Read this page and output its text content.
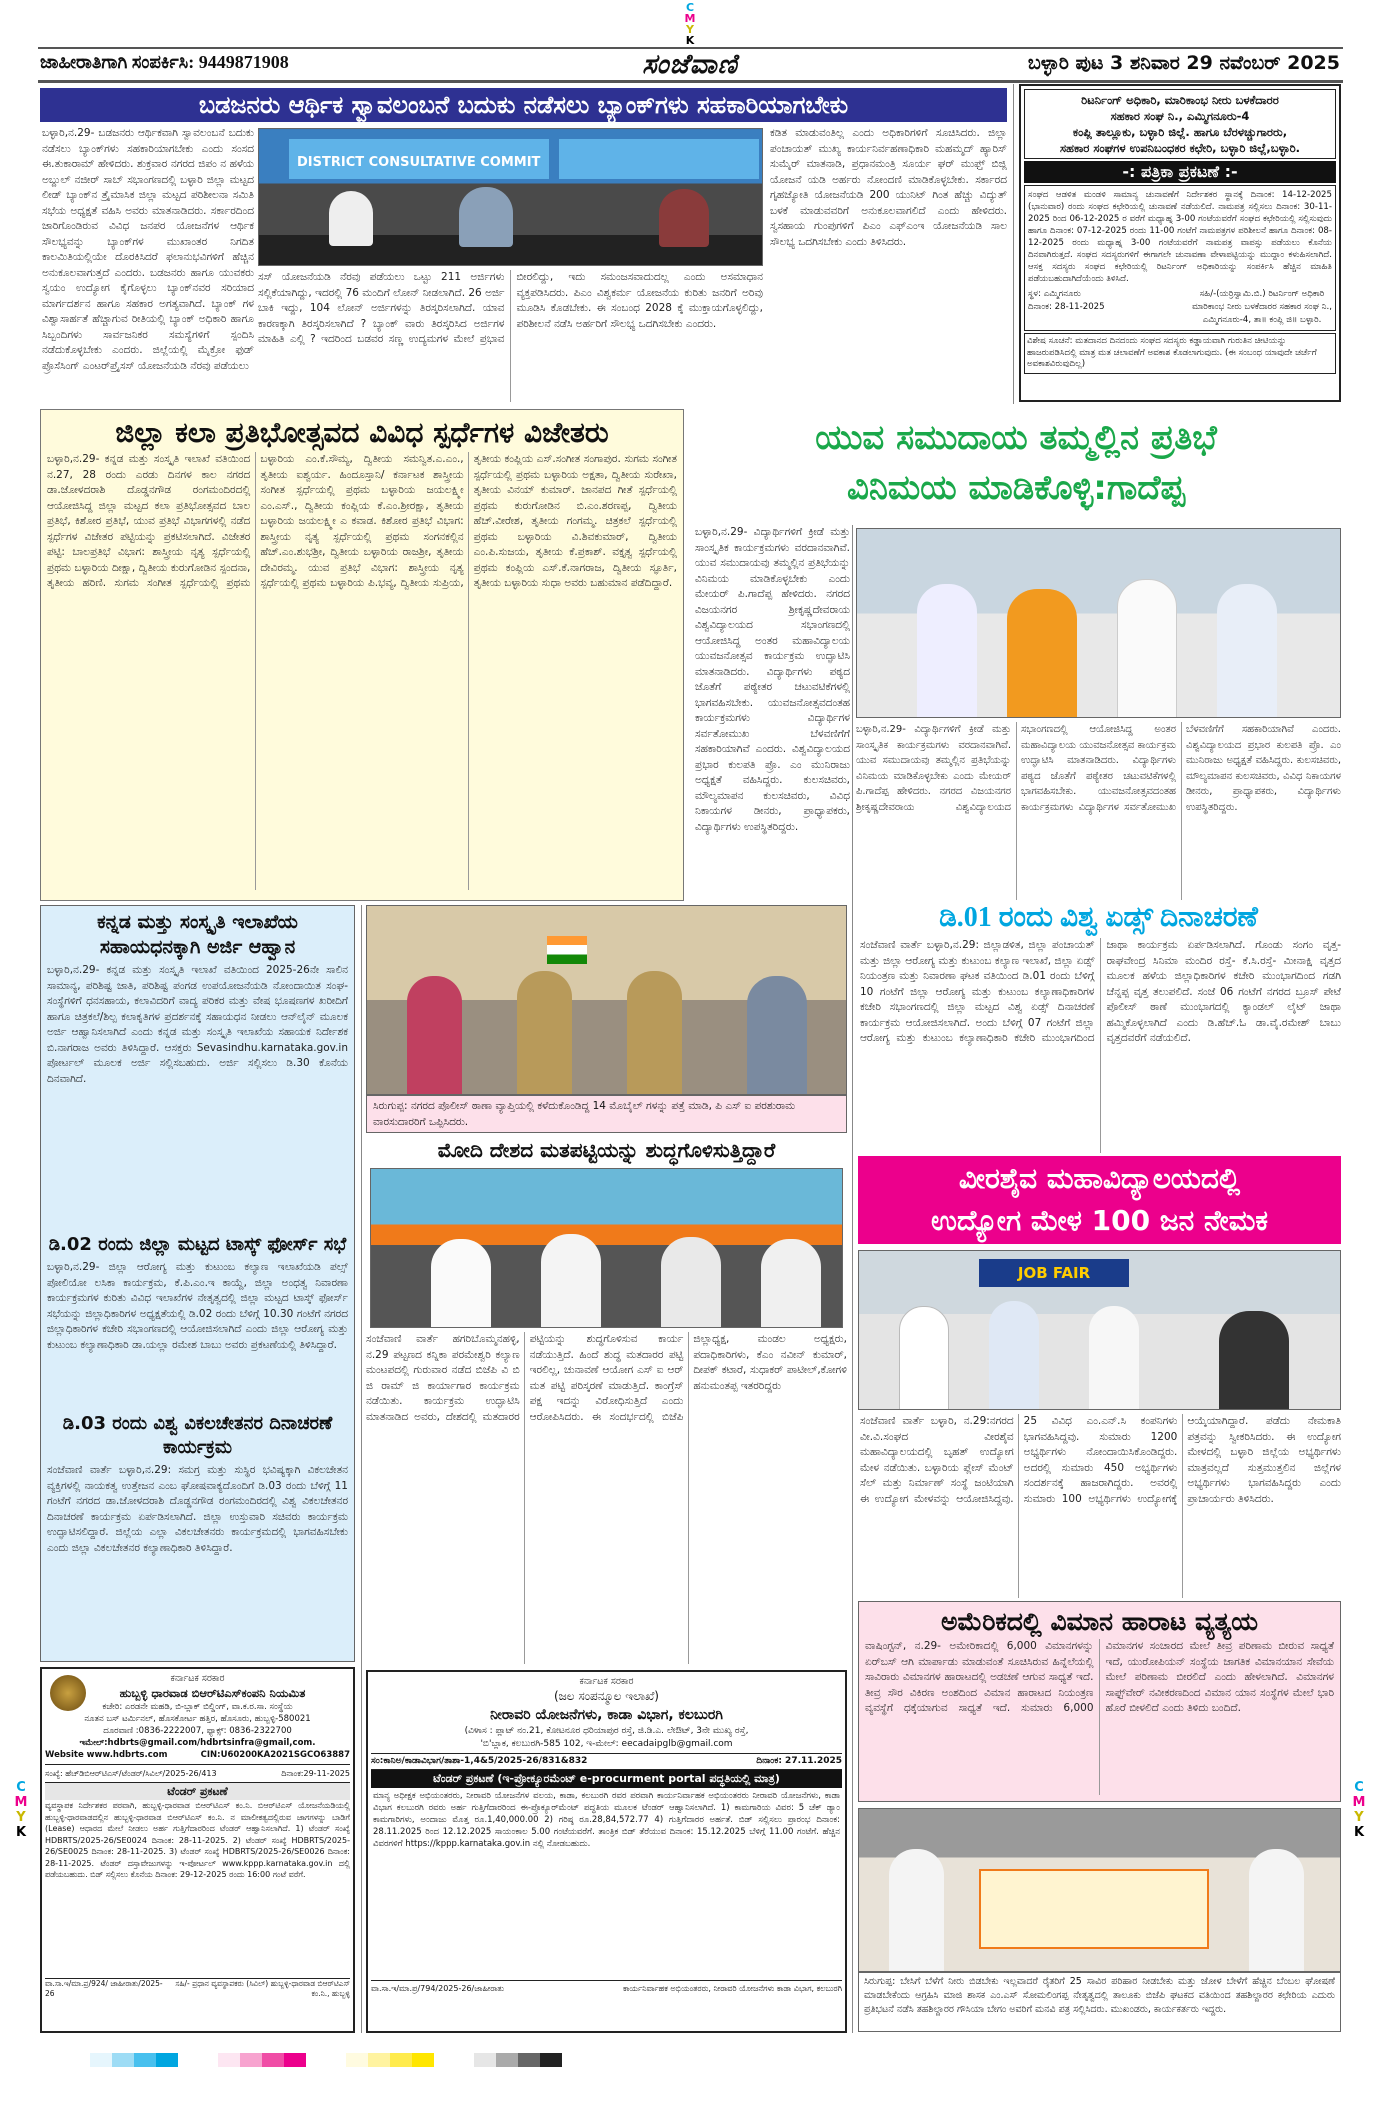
C
M
Y
K
C
M
Y
K
C
M
Y
K
ಜಾಹೀರಾತಿಗಾಗಿ ಸಂಪರ್ಕಿಸಿ: 9449871908	ಸಂಜೆವಾಣಿ	ಬಳ್ಳಾರಿ ಪುಟ 3 ಶನಿವಾರ 29 ನವೆಂಬರ್ 2025
ಬಡಜನರು ಆರ್ಥಿಕ ಸ್ವಾವಲಂಬನೆ ಬದುಕು ನಡೆಸಲು ಬ್ಯಾಂಕ್‌ಗಳು ಸಹಕಾರಿಯಾಗಬೇಕು
ಬಳ್ಳಾರಿ,ನ.29- ಬಡಜನರು ಆರ್ಥಿಕವಾಗಿ ಸ್ವಾವಲಂಬನೆ ಬದುಕು ನಡೆಸಲು ಬ್ಯಾಂಕ್‌ಗಳು ಸಹಕಾರಿಯಾಗಬೇಕು ಎಂದು ಸಂಸದ ಈ.ತುಕಾರಾಮ್ ಹೇಳಿದರು. ಶುಕ್ರವಾರ ನಗರದ ಜಿಪಂ ನ ಹಳೆಯ ಅಬ್ದುಲ್ ನಜೀರ್ ಸಾಬ್ ಸಭಾಂಗಣದಲ್ಲಿ ಬಳ್ಳಾರಿ ಜಿಲ್ಲಾ ಮಟ್ಟದ ಲೀಡ್ ಬ್ಯಾಂಕ್‌ನ ತ್ರೈಮಾಸಿಕ ಜಿಲ್ಲಾ ಮಟ್ಟದ ಪರಿಶೀಲನಾ ಸಮಿತಿ ಸಭೆಯ ಅಧ್ಯಕ್ಷತೆ ವಹಿಸಿ ಅವರು ಮಾತನಾಡಿದರು. ಸರ್ಕಾರದಿಂದ ಜಾರಿಗೊಂಡಿರುವ ವಿವಿಧ ಜನಪರ ಯೋಜನೆಗಳ ಆರ್ಥಿಕ ಸೌಲಭ್ಯವನ್ನು ಬ್ಯಾಂಕ್‌ಗಳ ಮುಖಾಂತರ ನಿಗದಿತ ಕಾಲಮಿತಿಯಲ್ಲಿಯೇ ದೊರಕಿಸಿದರೆ ಫಲಾನುಭವಿಗಳಿಗೆ ಹೆಚ್ಚಿನ ಅನುಕೂಲವಾಗುತ್ತದೆ ಎಂದರು. ಬಡಜನರು ಹಾಗೂ ಯುವಕರು ಸ್ವಯಂ ಉದ್ಯೋಗ ಕೈಗೊಳ್ಳಲು ಬ್ಯಾಂಕ್‌ನವರ ಸರಿಯಾದ ಮಾರ್ಗದರ್ಶನ ಹಾಗೂ ಸಹಕಾರ ಅಗತ್ಯವಾಗಿದೆ. ಬ್ಯಾಂಕ್ ಗಳ ವಿಶ್ವಾಸಾರ್ಹತೆ ಹೆಚ್ಚಾಗುವ ರೀತಿಯಲ್ಲಿ ಬ್ಯಾಂಕ್ ಅಧಿಕಾರಿ ಹಾಗೂ ಸಿಬ್ಬಂದಿಗಳು ಸಾರ್ವಜನಿಕರ ಸಮಸ್ಯೆಗಳಿಗೆ ಸ್ಪಂದಿಸಿ ನಡೆದುಕೊಳ್ಳಬೇಕು ಎಂದರು. ಜಿಲ್ಲೆಯಲ್ಲಿ ಮೈಕ್ರೋ ಫುಡ್ ಪ್ರೊಸೆಸಿಂಗ್ ಎಂಟರ್‌ಪ್ರೈಸಸ್ ಯೋಜನೆಯಡಿ ನೆರವು ಪಡೆಯಲು
DISTRICT CONSULTATIVE COMMIT
ಸಸ್ ಯೋಜನೆಯಡಿ ನೆರವು ಪಡೆಯಲು ಒಟ್ಟು 211 ಅರ್ಜಿಗಳು ಸಲ್ಲಿಕೆಯಾಗಿದ್ದು, ಇದರಲ್ಲಿ 76 ಮಂದಿಗೆ ಲೋನ್ ನೀಡಲಾಗಿದೆ. 26 ಅರ್ಜಿ ಬಾಕಿ ಇದ್ದು, 104 ಲೋನ್ ಅರ್ಜಿಗಳನ್ನು ತಿರಸ್ಕರಿಸಲಾಗಿದೆ. ಯಾವ ಕಾರಣಕ್ಕಾಗಿ ತಿರಸ್ಕರಿಸಲಾಗಿದೆ ? ಬ್ಯಾಂಕ್ ವಾರು ತಿರಸ್ಕರಿಸಿದ ಅರ್ಜಿಗಳ ಮಾಹಿತಿ ಎಲ್ಲಿ ? ಇದರಿಂದ ಬಡವರ ಸಣ್ಣ ಉದ್ಯಮಗಳ ಮೇಲೆ ಪ್ರಭಾವ ಬೀರಲಿದ್ದು, ಇದು ಸಮಂಜಸವಾದುದಲ್ಲ ಎಂದು ಅಸಮಾಧಾನ ವ್ಯಕ್ತಪಡಿಸಿದರು. ಪಿಎಂ ವಿಶ್ವಕರ್ಮ ಯೋಜನೆಯ ಕುರಿತು ಜನರಿಗೆ ಅರಿವು ಮೂಡಿಸಿ ಕೊಡಬೇಕು. ಈ ಸಂಬಂಧ 2028 ಕ್ಕೆ ಮುಕ್ತಾಯಗೊಳ್ಳಲಿದ್ದು, ಪರಿಶೀಲನೆ ನಡೆಸಿ ಅರ್ಹರಿಗೆ ಸೌಲಭ್ಯ ಒದಗಿಸಬೇಕು ಎಂದರು.
ಕಡಿತ ಮಾಡುವಂತಿಲ್ಲ ಎಂದು ಅಧಿಕಾರಿಗಳಿಗೆ ಸೂಚಿಸಿದರು. ಜಿಲ್ಲಾ ಪಂಚಾಯತ್ ಮುಖ್ಯ ಕಾರ್ಯನಿರ್ವಹಣಾಧಿಕಾರಿ ಮಹಮ್ಮದ್ ಹ್ಯಾರಿಸ್ ಸುಮೈರ್ ಮಾತನಾಡಿ, ಪ್ರಧಾನಮಂತ್ರಿ ಸೂರ್ಯ ಘರ್ ಮುಫ್ತ್ ಬಿಜ್ಲಿ ಯೋಜನೆ ಯಡಿ ಅರ್ಹರು ನೋಂದಣಿ ಮಾಡಿಕೊಳ್ಳಬೇಕು. ಸರ್ಕಾರದ ಗೃಹಜ್ಯೋತಿ ಯೋಜನೆಯಡಿ 200 ಯುನಿಟ್ ಗಿಂತ ಹೆಚ್ಚು ವಿದ್ಯುತ್ ಬಳಕೆ ಮಾಡುವವರಿಗೆ ಅನುಕೂಲವಾಗಲಿದೆ ಎಂದು ಹೇಳಿದರು. ಸ್ವಸಹಾಯ ಗುಂಪುಗಳಿಗೆ ಪಿಎಂ ಎಫ್‌ಎಂಇ ಯೋಜನೆಯಡಿ ಸಾಲ ಸೌಲಭ್ಯ ಒದಗಿಸಬೇಕು ಎಂದು ತಿಳಿಸಿದರು.
ರಿಟರ್ನಿಂಗ್ ಅಧಿಕಾರಿ, ಮಾರಿಕಾಂಭ ನೀರು ಬಳಕೆದಾರರ
ಸಹಕಾರ ಸಂಘ ನಿ., ಎಮ್ಮಿಗನೂರು-4
ಕಂಪ್ಲಿ ತಾಲ್ಲೂಕು, ಬಳ್ಳಾರಿ ಜಿಲ್ಲೆ. ಹಾಗೂ ಬೆರಳಚ್ಚುಗಾರರು,
ಸಹಕಾರ ಸಂಘಗಳ ಉಪನಿಬಂಧಕರ ಕಛೇರಿ, ಬಳ್ಳಾರಿ ಜಿಲ್ಲೆ,ಬಳ್ಳಾರಿ.
-: ಪತ್ರಿಕಾ ಪ್ರಕಟಣೆ :-
ಸಂಘದ ಆಡಳಿತ ಮಂಡಳಿ ಸಾಮಾನ್ಯ ಚುನಾವಣೆಗೆ ನಿರ್ದೇಶಕರ ಸ್ಥಾನಕ್ಕೆ ದಿನಾಂಕ: 14-12-2025 (ಭಾನುವಾರ) ರಂದು ಸಂಘದ ಕಛೇರಿಯಲ್ಲಿ ಚುನಾವಣೆ ನಡೆಯಲಿದೆ. ನಾಮಪತ್ರ ಸಲ್ಲಿಸಲು ದಿನಾಂಕ: 30-11-2025 ರಿಂದ 06-12-2025 ರ ವರೆಗೆ ಮಧ್ಯಾಹ್ನ 3-00 ಗಂಟೆಯವರೆಗೆ ಸಂಘದ ಕಛೇರಿಯಲ್ಲಿ ಸಲ್ಲಿಸುವುದು ಹಾಗೂ ದಿನಾಂಕ: 07-12-2025 ರಂದು 11-00 ಗಂಟೆಗೆ ನಾಮಪತ್ರಗಳ ಪರಿಶೀಲನೆ ಹಾಗೂ ದಿನಾಂಕ: 08-12-2025 ರಂದು ಮಧ್ಯಾಹ್ನ 3-00 ಗಂಟೆಯವರೆಗೆ ನಾಮಪತ್ರ ವಾಪಸ್ಸು ಪಡೆಯಲು ಕೊನೆಯ ದಿನವಾಗಿರುತ್ತದೆ. ಸಂಘದ ಸದಸ್ಯರುಗಳಿಗೆ ಈಗಾಗಲೇ ಚುನಾವಣಾ ವೇಳಾಪಟ್ಟಿಯನ್ನು ಮುದ್ದಾಂ ಕಳುಹಿಸಲಾಗಿದೆ. ಆಸಕ್ತ ಸದಸ್ಯರು ಸಂಘದ ಕಛೇರಿಯಲ್ಲಿ ರಿಟರ್ನಿಂಗ್ ಅಧಿಕಾರಿಯನ್ನು ಸಂಪರ್ಕಿಸಿ ಹೆಚ್ಚಿನ ಮಾಹಿತಿ ಪಡೆಯಬಹುದಾಗಿದೆಯೆಂದು ತಿಳಿಸಿದೆ.
ಸ್ಥಳ: ಎಮ್ಮಿಗನೂರು
ದಿನಾಂಕ: 28-11-2025
ಸಹಿ/-(ಯರ್ರಿಸ್ವಾಮಿ.ಬಿ.) ರಿಟರ್ನಿಂಗ್ ಅಧಿಕಾರಿ
ಮಾರಿಕಾಂಭ ನೀರು ಬಳಕೆದಾರರ ಸಹಕಾರ ಸಂಘ ನಿ.,
ಎಮ್ಮಿಗನೂರು-4, ತಾ॥ ಕಂಪ್ಲಿ ಜಿ॥ ಬಳ್ಳಾರಿ.
ವಿಶೇಷ ಸೂಚನೆ: ಮತದಾನದ ದಿನದಂದು ಸಂಘದ ಸದಸ್ಯರು ಕಡ್ಡಾಯವಾಗಿ ಗುರುತಿನ ಚೀಟಿಯನ್ನು ಹಾಜರುಪಡಿಸಿದಲ್ಲಿ ಮಾತ್ರ ಮತ ಚಲಾವಣೆಗೆ ಅವಕಾಶ ಕೊಡಲಾಗುವುದು. (ಈ ಸಂಬಂಧ ಯಾವುದೇ ಚರ್ಚೆಗೆ ಅವಕಾಶವಿರುವುದಿಲ್ಲ)
ಜಿಲ್ಲಾ ಕಲಾ ಪ್ರತಿಭೋತ್ಸವದ ವಿವಿಧ ಸ್ಪರ್ಧೆಗಳ ವಿಜೇತರು
ಬಳ್ಳಾರಿ,ನ.29- ಕನ್ನಡ ಮತ್ತು ಸಂಸ್ಕೃತಿ ಇಲಾಖೆ ವತಿಯಿಂದ ನ.27, 28 ರಂದು ಎರಡು ದಿನಗಳ ಕಾಲ ನಗರದ ಡಾ.ಜೋಳದರಾಶಿ ದೊಡ್ಡನಗೌಡ ರಂಗಮಂದಿರದಲ್ಲಿ ಆಯೋಜಿಸಿದ್ದ ಜಿಲ್ಲಾ ಮಟ್ಟದ ಕಲಾ ಪ್ರತಿಭೋತ್ಸವದ ಬಾಲ ಪ್ರತಿಭೆ, ಕಿಶೋರ ಪ್ರತಿಭೆ, ಯುವ ಪ್ರತಿಭೆ ವಿಭಾಗಗಳಲ್ಲಿ ನಡೆದ ಸ್ಪರ್ಧೆಗಳ ವಿಜೇತರ ಪಟ್ಟಿಯನ್ನು ಪ್ರಕಟಿಸಲಾಗಿದೆ. ವಿಜೇತರ ಪಟ್ಟಿ: ಬಾಲಪ್ರತಿಭೆ ವಿಭಾಗ: ಶಾಸ್ತ್ರೀಯ ನೃತ್ಯ ಸ್ಪರ್ಧೆಯಲ್ಲಿ ಪ್ರಥಮ ಬಳ್ಳಾರಿಯ ದೀಕ್ಷಾ, ದ್ವಿತೀಯ ಕುರುಗೋಡಿನ ಸ್ಪಂದನಾ, ತೃತೀಯ ಹರಿಣಿ. ಸುಗಮ ಸಂಗೀತ ಸ್ಪರ್ಧೆಯಲ್ಲಿ ಪ್ರಥಮ ಬಳ್ಳಾರಿಯ ಎಂ.ಕೆ.ಸೌಮ್ಯ, ದ್ವಿತೀಯ ಸಮನ್ವಿತ.ಎ.ಎಂ., ತೃತೀಯ ಐಶ್ವರ್ಯ. ಹಿಂದೂಸ್ತಾನಿ/ ಕರ್ನಾಟಕ ಶಾಸ್ತ್ರೀಯ ಸಂಗೀತ ಸ್ಪರ್ಧೆಯಲ್ಲಿ ಪ್ರಥಮ ಬಳ್ಳಾರಿಯ ಜಯಲಕ್ಷ್ಮೀ ಎಂ.ಎಸ್., ದ್ವಿತೀಯ ಕಂಪ್ಲಿಯ ಕೆ.ಎಂ.ಶ್ರೀರಕ್ಷಾ, ತೃತೀಯ ಬಳ್ಳಾರಿಯ ಜಯಲಕ್ಷ್ಮೀ ಎ ಕವಾಡ. ಕಿಶೋರ ಪ್ರತಿಭೆ ವಿಭಾಗ: ಶಾಸ್ತ್ರೀಯ ನೃತ್ಯ ಸ್ಪರ್ಧೆಯಲ್ಲಿ ಪ್ರಥಮ ಸಂಗನಕಲ್ಲಿನ ಹೆಚ್.ಎಂ.ಶುಭಶ್ರೀ, ದ್ವಿತೀಯ ಬಳ್ಳಾರಿಯ ರಾಜಶ್ರೀ, ತೃತೀಯ ದೇವಿರಮ್ಮ. ಯುವ ಪ್ರತಿಭೆ ವಿಭಾಗ: ಶಾಸ್ತ್ರೀಯ ನೃತ್ಯ ಸ್ಪರ್ಧೆಯಲ್ಲಿ ಪ್ರಥಮ ಬಳ್ಳಾರಿಯ ಪಿ.ಭವ್ಯ, ದ್ವಿತೀಯ ಸುಪ್ರಿಯ, ತೃತೀಯ ಕಂಪ್ಲಿಯ ಎಸ್.ಸಂಗೀತ ಸಂಗಾಪುರ. ಸುಗಮ ಸಂಗೀತ ಸ್ಪರ್ಧೆಯಲ್ಲಿ ಪ್ರಥಮ ಬಳ್ಳಾರಿಯ ಅಕ್ಷತಾ, ದ್ವಿತೀಯ ಸುರೇಖಾ, ತೃತೀಯ ವಿನಯ್ ಕುಮಾರ್. ಜಾನಪದ ಗೀತೆ ಸ್ಪರ್ಧೆಯಲ್ಲಿ ಪ್ರಥಮ ಕುರುಗೋಡಿನ ಬಿ.ಎಂ.ಶರಣಪ್ಪ, ದ್ವಿತೀಯ ಹೆಚ್.ವೀರೇಶ, ತೃತೀಯ ಗಂಗಮ್ಮ. ಚಿತ್ರಕಲೆ ಸ್ಪರ್ಧೆಯಲ್ಲಿ ಪ್ರಥಮ ಬಳ್ಳಾರಿಯ ವಿ.ಶಿವಕುಮಾರ್, ದ್ವಿತೀಯ ಎಂ.ಪಿ.ಸುಜಯ, ತೃತೀಯ ಕೆ.ಪ್ರಕಾಶ್. ವಕ್ತೃತ್ವ ಸ್ಪರ್ಧೆಯಲ್ಲಿ ಪ್ರಥಮ ಕಂಪ್ಲಿಯ ಎಸ್.ಕೆ.ನಾಗರಾಜ, ದ್ವಿತೀಯ ಸ್ಫೂರ್ತಿ, ತೃತೀಯ ಬಳ್ಳಾರಿಯ ಸುಧಾ ಅವರು ಬಹುಮಾನ ಪಡೆದಿದ್ದಾರೆ.
ಯುವ ಸಮುದಾಯ ತಮ್ಮಲ್ಲಿನ ಪ್ರತಿಭೆ
ವಿನಿಮಯ ಮಾಡಿಕೊಳ್ಳಿ:ಗಾದೆಪ್ಪ
ಬಳ್ಳಾರಿ,ನ.29- ವಿದ್ಯಾರ್ಥಿಗಳಿಗೆ ಕ್ರೀಡೆ ಮತ್ತು ಸಾಂಸ್ಕೃತಿಕ ಕಾರ್ಯಕ್ರಮಗಳು ವರದಾನವಾಗಿವೆ. ಯುವ ಸಮುದಾಯವು ತಮ್ಮಲ್ಲಿನ ಪ್ರತಿಭೆಯನ್ನು ವಿನಿಮಯ ಮಾಡಿಕೊಳ್ಳಬೇಕು ಎಂದು ಮೇಯರ್ ಪಿ.ಗಾದೆಪ್ಪ ಹೇಳಿದರು. ನಗರದ ವಿಜಯನಗರ ಶ್ರೀಕೃಷ್ಣದೇವರಾಯ ವಿಶ್ವವಿದ್ಯಾಲಯದ ಸಭಾಂಗಣದಲ್ಲಿ ಆಯೋಜಿಸಿದ್ದ ಅಂತರ ಮಹಾವಿದ್ಯಾಲಯ ಯುವಜನೋತ್ಸವ ಕಾರ್ಯಕ್ರಮ ಉದ್ಘಾಟಿಸಿ ಮಾತನಾಡಿದರು. ವಿದ್ಯಾರ್ಥಿಗಳು ಪಠ್ಯದ ಜೊತೆಗೆ ಪಠ್ಯೇತರ ಚಟುವಟಿಕೆಗಳಲ್ಲಿ ಭಾಗವಹಿಸಬೇಕು. ಯುವಜನೋತ್ಸವದಂತಹ ಕಾರ್ಯಕ್ರಮಗಳು ವಿದ್ಯಾರ್ಥಿಗಳ ಸರ್ವತೋಮುಖ ಬೆಳವಣಿಗೆಗೆ ಸಹಕಾರಿಯಾಗಿವೆ ಎಂದರು. ವಿಶ್ವವಿದ್ಯಾಲಯದ ಪ್ರಭಾರ ಕುಲಪತಿ ಪ್ರೊ. ಎಂ ಮುನಿರಾಜು ಅಧ್ಯಕ್ಷತೆ ವಹಿಸಿದ್ದರು. ಕುಲಸಚಿವರು, ಮೌಲ್ಯಮಾಪನ ಕುಲಸಚಿವರು, ವಿವಿಧ ನಿಕಾಯಗಳ ಡೀನರು, ಪ್ರಾಧ್ಯಾಪಕರು, ವಿದ್ಯಾರ್ಥಿಗಳು ಉಪಸ್ಥಿತರಿದ್ದರು.
ಬಳ್ಳಾರಿ,ನ.29- ವಿದ್ಯಾರ್ಥಿಗಳಿಗೆ ಕ್ರೀಡೆ ಮತ್ತು ಸಾಂಸ್ಕೃತಿಕ ಕಾರ್ಯಕ್ರಮಗಳು ವರದಾನವಾಗಿವೆ. ಯುವ ಸಮುದಾಯವು ತಮ್ಮಲ್ಲಿನ ಪ್ರತಿಭೆಯನ್ನು ವಿನಿಮಯ ಮಾಡಿಕೊಳ್ಳಬೇಕು ಎಂದು ಮೇಯರ್ ಪಿ.ಗಾದೆಪ್ಪ ಹೇಳಿದರು. ನಗರದ ವಿಜಯನಗರ ಶ್ರೀಕೃಷ್ಣದೇವರಾಯ ವಿಶ್ವವಿದ್ಯಾಲಯದ ಸಭಾಂಗಣದಲ್ಲಿ ಆಯೋಜಿಸಿದ್ದ ಅಂತರ ಮಹಾವಿದ್ಯಾಲಯ ಯುವಜನೋತ್ಸವ ಕಾರ್ಯಕ್ರಮ ಉದ್ಘಾಟಿಸಿ ಮಾತನಾಡಿದರು. ವಿದ್ಯಾರ್ಥಿಗಳು ಪಠ್ಯದ ಜೊತೆಗೆ ಪಠ್ಯೇತರ ಚಟುವಟಿಕೆಗಳಲ್ಲಿ ಭಾಗವಹಿಸಬೇಕು. ಯುವಜನೋತ್ಸವದಂತಹ ಕಾರ್ಯಕ್ರಮಗಳು ವಿದ್ಯಾರ್ಥಿಗಳ ಸರ್ವತೋಮುಖ ಬೆಳವಣಿಗೆಗೆ ಸಹಕಾರಿಯಾಗಿವೆ ಎಂದರು. ವಿಶ್ವವಿದ್ಯಾಲಯದ ಪ್ರಭಾರ ಕುಲಪತಿ ಪ್ರೊ. ಎಂ ಮುನಿರಾಜು ಅಧ್ಯಕ್ಷತೆ ವಹಿಸಿದ್ದರು. ಕುಲಸಚಿವರು, ಮೌಲ್ಯಮಾಪನ ಕುಲಸಚಿವರು, ವಿವಿಧ ನಿಕಾಯಗಳ ಡೀನರು, ಪ್ರಾಧ್ಯಾಪಕರು, ವಿದ್ಯಾರ್ಥಿಗಳು ಉಪಸ್ಥಿತರಿದ್ದರು.
ಕನ್ನಡ ಮತ್ತು ಸಂಸ್ಕೃತಿ ಇಲಾಖೆಯ ಸಹಾಯಧನಕ್ಕಾಗಿ ಅರ್ಜಿ ಆಹ್ವಾನ
ಬಳ್ಳಾರಿ,ನ.29- ಕನ್ನಡ ಮತ್ತು ಸಂಸ್ಕೃತಿ ಇಲಾಖೆ ವತಿಯಿಂದ 2025-26ನೇ ಸಾಲಿನ ಸಾಮಾನ್ಯ, ಪರಿಶಿಷ್ಟ ಜಾತಿ, ಪರಿಶಿಷ್ಟ ಪಂಗಡ ಉಪಯೋಜನೆಯಡಿ ನೋಂದಾಯಿತ ಸಂಘ-ಸಂಸ್ಥೆಗಳಿಗೆ ಧನಸಹಾಯ, ಕಲಾವಿದರಿಗೆ ವಾದ್ಯ ಪರಿಕರ ಮತ್ತು ವೇಷ ಭೂಷಣಗಳ ಖರೀದಿಗೆ ಹಾಗೂ ಚಿತ್ರಕಲೆ/ಶಿಲ್ಪ ಕಲಾಕೃತಿಗಳ ಪ್ರದರ್ಶನಕ್ಕೆ ಸಹಾಯಧನ ನೀಡಲು ಆನ್‌ಲೈನ್ ಮೂಲಕ ಅರ್ಜಿ ಆಹ್ವಾನಿಸಲಾಗಿದೆ ಎಂದು ಕನ್ನಡ ಮತ್ತು ಸಂಸ್ಕೃತಿ ಇಲಾಖೆಯ ಸಹಾಯಕ ನಿರ್ದೇಶಕ ಬಿ.ನಾಗರಾಜ ಅವರು ತಿಳಿಸಿದ್ದಾರೆ. ಆಸಕ್ತರು Sevasindhu.karnataka.gov.in ಪೋರ್ಟಲ್ ಮೂಲಕ ಅರ್ಜಿ ಸಲ್ಲಿಸಬಹುದು. ಅರ್ಜಿ ಸಲ್ಲಿಸಲು ಡಿ.30 ಕೊನೆಯ ದಿನವಾಗಿದೆ.
ಡಿ.02 ರಂದು ಜಿಲ್ಲಾ ಮಟ್ಟದ ಟಾಸ್ಕ್ ಫೋರ್ಸ್ ಸಭೆ
ಬಳ್ಳಾರಿ,ನ.29- ಜಿಲ್ಲಾ ಆರೋಗ್ಯ ಮತ್ತು ಕುಟುಂಬ ಕಲ್ಯಾಣ ಇಲಾಖೆಯಡಿ ಪಲ್ಸ್ ಪೋಲಿಯೋ ಲಸಿಕಾ ಕಾರ್ಯಕ್ರಮ, ಕೆ.ಪಿ.ಎಂ.ಇ ಕಾಯ್ದೆ, ಜಿಲ್ಲಾ ಅಂಧತ್ವ ನಿವಾರಣಾ ಕಾರ್ಯಕ್ರಮಗಳ ಕುರಿತು ವಿವಿಧ ಇಲಾಖೆಗಳ ನೇತೃತ್ವದಲ್ಲಿ ಜಿಲ್ಲಾ ಮಟ್ಟದ ಟಾಸ್ಕ್ ಫೋರ್ಸ್ ಸಭೆಯನ್ನು ಜಿಲ್ಲಾಧಿಕಾರಿಗಳ ಅಧ್ಯಕ್ಷತೆಯಲ್ಲಿ ಡಿ.02 ರಂದು ಬೆಳಿಗ್ಗೆ 10.30 ಗಂಟೆಗೆ ನಗರದ ಜಿಲ್ಲಾಧಿಕಾರಿಗಳ ಕಚೇರಿ ಸಭಾಂಗಣದಲ್ಲಿ ಆಯೋಜಿಸಲಾಗಿದೆ ಎಂದು ಜಿಲ್ಲಾ ಆರೋಗ್ಯ ಮತ್ತು ಕುಟುಂಬ ಕಲ್ಯಾಣಾಧಿಕಾರಿ ಡಾ.ಯಲ್ಲಾ ರಮೇಶ ಬಾಬು ಅವರು ಪ್ರಕಟಣೆಯಲ್ಲಿ ತಿಳಿಸಿದ್ದಾರೆ.
ಡಿ.03 ರಂದು ವಿಶ್ವ ವಿಕಲಚೇತನರ ದಿನಾಚರಣೆ ಕಾರ್ಯಕ್ರಮ
ಸಂಜೆವಾಣಿ ವಾರ್ತೆ ಬಳ್ಳಾರಿ,ನ.29: ಸಮಗ್ರ ಮತ್ತು ಸುಸ್ಥಿರ ಭವಿಷ್ಯಕ್ಕಾಗಿ ವಿಕಲಚೇತನ ವ್ಯಕ್ತಿಗಳಲ್ಲಿ ನಾಯಕತ್ವ ಉತ್ತೇಜನ ಎಂಬ ಘೋಷವಾಕ್ಯದೊಂದಿಗೆ ಡಿ.03 ರಂದು ಬೆಳಿಗ್ಗೆ 11 ಗಂಟೆಗೆ ನಗರದ ಡಾ.ಜೋಳದರಾಶಿ ದೊಡ್ಡನಗೌಡ ರಂಗಮಂದಿರದಲ್ಲಿ ವಿಶ್ವ ವಿಕಲಚೇತನರ ದಿನಾಚರಣೆ ಕಾರ್ಯಕ್ರಮ ಏರ್ಪಡಿಸಲಾಗಿದೆ. ಜಿಲ್ಲಾ ಉಸ್ತುವಾರಿ ಸಚಿವರು ಕಾರ್ಯಕ್ರಮ ಉದ್ಘಾಟಿಸಲಿದ್ದಾರೆ. ಜಿಲ್ಲೆಯ ಎಲ್ಲಾ ವಿಕಲಚೇತನರು ಕಾರ್ಯಕ್ರಮದಲ್ಲಿ ಭಾಗವಹಿಸಬೇಕು ಎಂದು ಜಿಲ್ಲಾ ವಿಕಲಚೇತನರ ಕಲ್ಯಾಣಾಧಿಕಾರಿ ತಿಳಿಸಿದ್ದಾರೆ.
ಸಿರುಗುಪ್ಪ: ನಗರದ ಪೊಲೀಸ್ ಠಾಣಾ ವ್ಯಾಪ್ತಿಯಲ್ಲಿ ಕಳೆದುಕೊಂಡಿದ್ದ 14 ಮೊಬೈಲ್ ಗಳನ್ನು ಪತ್ತೆ ಮಾಡಿ, ಪಿ ಎಸ್ ಐ ಪರಶುರಾಮ ವಾರಸುದಾರರಿಗೆ ಒಪ್ಪಿಸಿದರು.
ಮೋದಿ ದೇಶದ ಮತಪಟ್ಟಿಯನ್ನು ಶುದ್ಧಗೊಳಿಸುತ್ತಿದ್ದಾರೆ
ಸಂಜೆವಾಣಿ ವಾರ್ತೆ ಹಗರಿಬೊಮ್ಮನಹಳ್ಳಿ, ನ.29 ಪಟ್ಟಣದ ಕನ್ನಿಕಾ ಪರಮೇಶ್ವರಿ ಕಲ್ಯಾಣ ಮಂಟಪದಲ್ಲಿ ಗುರುವಾರ ನಡೆದ ಬಿಜೆಪಿ ವಿ ಬಿ ಜಿ ರಾಮ್ ಜಿ ಕಾರ್ಯಾಗಾರ ಕಾರ್ಯಕ್ರಮ ನಡೆಯಿತು. ಕಾರ್ಯಕ್ರಮ ಉದ್ಘಾಟಿಸಿ ಮಾತನಾಡಿದ ಅವರು, ದೇಶದಲ್ಲಿ ಮತದಾರರ ಪಟ್ಟಿಯನ್ನು ಶುದ್ಧಗೊಳಿಸುವ ಕಾರ್ಯ ನಡೆಯುತ್ತಿದೆ. ಹಿಂದೆ ಶುದ್ಧ ಮತದಾರರ ಪಟ್ಟಿ ಇರಲಿಲ್ಲ, ಚುನಾವಣೆ ಆಯೋಗ ಎಸ್ ಐ ಆರ್ ಮತ ಪಟ್ಟಿ ಪರಿಸ್ಕರಣೆ ಮಾಡುತ್ತಿದೆ. ಕಾಂಗ್ರೆಸ್ ಪಕ್ಷ ಇದನ್ನು ವಿರೋಧಿಸುತ್ತಿದೆ ಎಂದು ಆರೋಪಿಸಿದರು. ಈ ಸಂದರ್ಭದಲ್ಲಿ ಬಿಜೆಪಿ ಜಿಲ್ಲಾಧ್ಯಕ್ಷ, ಮಂಡಲ ಅಧ್ಯಕ್ಷರು, ಪದಾಧಿಕಾರಿಗಳು, ಕೆಎಂ ನವೀನ್ ಕುಮಾರ್, ದೀಪಕ್ ಕಟಾರೆ, ಸುಧಾಕರ್ ಪಾಟೀಲ್,ಕೋಗಳಿ ಹನುಮಂತಪ್ಪ ಇತರರಿದ್ದರು
ಡಿ.01 ರಂದು ವಿಶ್ವ ಏಡ್ಸ್ ದಿನಾಚರಣೆ
ಸಂಜೆವಾಣಿ ವಾರ್ತೆ ಬಳ್ಳಾರಿ,ನ.29: ಜಿಲ್ಲಾಡಳಿತ, ಜಿಲ್ಲಾ ಪಂಚಾಯತ್ ಮತ್ತು ಜಿಲ್ಲಾ ಆರೋಗ್ಯ ಮತ್ತು ಕುಟುಂಬ ಕಲ್ಯಾಣ ಇಲಾಖೆ, ಜಿಲ್ಲಾ ಏಡ್ಸ್ ನಿಯಂತ್ರಣ ಮತ್ತು ನಿವಾರಣಾ ಘಟಕ ವತಿಯಿಂದ ಡಿ.01 ರಂದು ಬೆಳಿಗ್ಗೆ 10 ಗಂಟೆಗೆ ಜಿಲ್ಲಾ ಆರೋಗ್ಯ ಮತ್ತು ಕುಟುಂಬ ಕಲ್ಯಾಣಾಧಿಕಾರಿಗಳ ಕಚೇರಿ ಸಭಾಂಗಣದಲ್ಲಿ ಜಿಲ್ಲಾ ಮಟ್ಟದ ವಿಶ್ವ ಏಡ್ಸ್ ದಿನಾಚರಣೆ ಕಾರ್ಯಕ್ರಮ ಆಯೋಜಿಸಲಾಗಿದೆ. ಅಂದು ಬೆಳಿಗ್ಗೆ 07 ಗಂಟೆಗೆ ಜಿಲ್ಲಾ ಆರೋಗ್ಯ ಮತ್ತು ಕುಟುಂಬ ಕಲ್ಯಾಣಾಧಿಕಾರಿ ಕಚೇರಿ ಮುಂಭಾಗದಿಂದ ಜಾಥಾ ಕಾರ್ಯಕ್ರಮ ಏರ್ಪಡಿಸಲಾಗಿದೆ. ಗೊಂಡು ಸಂಗಂ ವೃತ್ತ- ರಾಘವೇಂದ್ರ ಸಿನಿಮಾ ಮಂದಿರ ರಸ್ತೆ- ಕೆ.ಸಿ.ರಸ್ತೆ- ಮೀನಾಕ್ಷಿ ವೃತ್ತದ ಮೂಲಕ ಹಳೆಯ ಜಿಲ್ಲಾಧಿಕಾರಿಗಳ ಕಚೇರಿ ಮುಂಭಾಗದಿಂದ ಗಡಗಿ ಚೆನ್ನಪ್ಪ ವೃತ್ತ ತಲುಪಲಿದೆ. ಸಂಜೆ 06 ಗಂಟೆಗೆ ನಗರದ ಬ್ರೂಸ್ ಪೇಟೆ ಪೊಲೀಸ್ ಠಾಣೆ ಮುಂಭಾಗದಲ್ಲಿ ಕ್ಯಾಂಡಲ್ ಲೈಟ್ ಜಾಥಾ ಹಮ್ಮಿಕೊಳ್ಳಲಾಗಿದೆ ಎಂದು ಡಿ.ಹೆಚ್.ಓ ಡಾ.ವೈ.ರಮೇಶ್ ಬಾಬು ವೃತ್ತದವರೆಗೆ ನಡೆಯಲಿದೆ.
ವೀರಶೈವ ಮಹಾವಿದ್ಯಾಲಯದಲ್ಲಿ
ಉದ್ಯೋಗ ಮೇಳ 100 ಜನ ನೇಮಕ
JOB FAIR
ಸಂಜೆವಾಣಿ ವಾರ್ತೆ ಬಳ್ಳಾರಿ, ನ.29:ನಗರದ ವೀ.ವಿ.ಸಂಘದ ವೀರಶೈವ ಮಹಾವಿದ್ಯಾಲಯದಲ್ಲಿ ಬೃಹತ್ ಉದ್ಯೋಗ ಮೇಳ ನಡೆಯಿತು. ಬಳ್ಳಾರಿಯ ಪ್ಲೇಸ್ ಮೆಂಟ್ ಸೆಲ್ ಮತ್ತು ನಿರ್ಮಾಣ್ ಸಂಸ್ಥೆ ಜಂಟಿಯಾಗಿ ಈ ಉದ್ಯೋಗ ಮೇಳವನ್ನು ಆಯೋಜಿಸಿದ್ದವು. 25 ವಿವಿಧ ಎಂ.ಎನ್.ಸಿ ಕಂಪನಿಗಳು ಭಾಗವಹಿಸಿದ್ದವು. ಸುಮಾರು 1200 ಅಭ್ಯರ್ಥಿಗಳು ನೋಂದಾಯಿಸಿಕೊಂಡಿದ್ದರು. ಅದರಲ್ಲಿ ಸುಮಾರು 450 ಅಭ್ಯರ್ಥಿಗಳು ಸಂದರ್ಶನಕ್ಕೆ ಹಾಜರಾಗಿದ್ದರು. ಅವರಲ್ಲಿ ಸುಮಾರು 100 ಅಭ್ಯರ್ಥಿಗಳು ಉದ್ಯೋಗಕ್ಕೆ ಆಯ್ಕೆಯಾಗಿದ್ದಾರೆ. ಪಡೆದು ನೇಮಕಾತಿ ಪತ್ರವನ್ನು ಸ್ವೀಕರಿಸಿದರು. ಈ ಉದ್ಯೋಗ ಮೇಳದಲ್ಲಿ ಬಳ್ಳಾರಿ ಜಿಲ್ಲೆಯ ಅಭ್ಯರ್ಥಿಗಳು ಮಾತ್ರವಲ್ಲದೆ ಸುತ್ತಮುತ್ತಲಿನ ಜಿಲ್ಲೆಗಳ ಅಭ್ಯರ್ಥಿಗಳು ಭಾಗವಹಿಸಿದ್ದರು ಎಂದು ಪ್ರಾಚಾರ್ಯರು ತಿಳಿಸಿದರು.
ಅಮೆರಿಕದಲ್ಲಿ ವಿಮಾನ ಹಾರಾಟ ವ್ಯತ್ಯಯ
ವಾಷಿಂಗ್ಟನ್, ನ.29- ಅಮೇರಿಕಾದಲ್ಲಿ 6,000 ವಿಮಾನಗಳನ್ನು ಏರ್‌ಬಸ್ ಆಗಿ ಮಾರ್ಪಾಡು ಮಾಡುವಂತೆ ಸೂಚಿಸಿರುವ ಹಿನ್ನೆಲೆಯಲ್ಲಿ ಸಾವಿರಾರು ವಿಮಾನಗಳ ಹಾರಾಟದಲ್ಲಿ ಅಡಚಣೆ ಆಗುವ ಸಾಧ್ಯತೆ ಇದೆ. ತೀವ್ರ ಸೌರ ವಿಕಿರಣ ಅಂಶದಿಂದ ವಿಮಾನ ಹಾರಾಟದ ನಿಯಂತ್ರಣ ವ್ಯವಸ್ಥೆಗೆ ಧಕ್ಕೆಯಾಗುವ ಸಾಧ್ಯತೆ ಇದೆ. ಸುಮಾರು 6,000 ವಿಮಾನಗಳ ಸಂಚಾರದ ಮೇಲೆ ತೀವ್ರ ಪರಿಣಾಮ ಬೀರುವ ಸಾಧ್ಯತೆ ಇದೆ, ಯುರೋಪಿಯನ್ ಸಂಸ್ಥೆಯ ಜಾಗತಿಕ ವಿಮಾನಯಾನ ಸೇವೆಯ ಮೇಲೆ ಪರಿಣಾಮ ಬೀರಲಿದೆ ಎಂದು ಹೇಳಲಾಗಿದೆ. ವಿಮಾನಗಳ ಸಾಫ್ಟ್‌ವೇರ್ ನವೀಕರಣದಿಂದ ವಿಮಾನ ಯಾನ ಸಂಸ್ಥೆಗಳ ಮೇಲೆ ಭಾರಿ ಹೊರೆ ಬೀಳಲಿದೆ ಎಂದು ತಿಳಿದು ಬಂದಿದೆ.
ಸಿರುಗುಪ್ಪ: ಬೇಸಿಗೆ ಬೆಳೆಗೆ ನೀರು ಬಿಡಬೇಕು ಇಲ್ಲವಾದರೆ ರೈತರಿಗೆ 25 ಸಾವಿರ ಪರಿಹಾರ ನೀಡಬೇಕು ಮತ್ತು ಜೋಳ ಬೇಳೆಗೆ ಹೆಚ್ಚಿನ ಬೆಂಬಲ ಘೋಷಣೆ ಮಾಡಬೇಕೆಂದು ಆಗ್ರಹಿಸಿ ಮಾಜಿ ಶಾಸಕ ಎಂ.ಎಸ್ ಸೋಮಲಿಂಗಪ್ಪ ನೇತೃತ್ವದಲ್ಲಿ ತಾಲೂಕು ಬಿಜೆಪಿ ಘಟಕದ ವತಿಯಿಂದ ತಹಶಿಲ್ದಾರರ ಕಛೇರಿಯ ಎದುರು ಪ್ರತಿಭಟನೆ ನಡೆಸಿ ತಹಶಿಲ್ದಾರರ ಗೌಸಿಯಾ ಬೇಗಂ ಅವರಿಗೆ ಮನವಿ ಪತ್ರ ಸಲ್ಲಿಸಿದರು. ಮುಖಂಡರು, ಕಾರ್ಯಕರ್ತರು ಇದ್ದರು.
ಕರ್ನಾಟಕ ಸರಕಾರ
ಹುಬ್ಬಳ್ಳಿ ಧಾರವಾಡ ಬಿಆರ್‌ಟಿಎಸ್‌ಕಂಪನಿ ನಿಯಮಿತ
ಕಚೇರಿ: ಎರಡನೇ ಮಹಡಿ, ಬಿ-ಬ್ಲಾಕ್ ಬಿಲ್ಡಿಂಗ್, ವಾ.ಕ.ರ.ಸಾ. ಸಂಸ್ಥೆಯ
ನೂತನ ಬಸ್ ಟರ್ಮಿನಲ್, ಹೊಸಕೋರ್ಟ ಹತ್ತಿರ, ಹೊಸೂರು, ಹುಬ್ಬಳ್ಳಿ-580021
ದೂರವಾಣಿ :0836-2222007, ಫ್ಯಾಕ್ಸ್: 0836-2322700
ಇಮೇಲ್:hdbrts@gmail.com/hdbrtsinfra@gmail,com.
Website www.hdbrts.com	CIN:U60200KA2021SGCO63887
ಸಂಖ್ಯೆ: ಹೆಚ್‌ಡಿಬಿಆರ್‌ಟಿಎಸ್/ಟೆಂಡರ್/ಸಿವಿಲ್/2025-26/413	ದಿನಾಂಕ:29-11-2025
ಟೆಂಡರ್ ಪ್ರಕಟಣೆ
ವ್ಯವಸ್ಥಾಪಕ ನಿರ್ದೇಶಕರ ಪರವಾಗಿ, ಹುಬ್ಬಳ್ಳಿ-ಧಾರವಾಡ ಬಿಆರ್‌ಟಿಎಸ್ ಕಂ.ನಿ. ಬಿಆರ್‌ಟಿಎಸ್ ಯೋಜನೆಯಡಿಯಲ್ಲಿ ಹುಬ್ಬಳ್ಳಿ-ಧಾರವಾಡದಲ್ಲಿನ ಹುಬ್ಬಳ್ಳಿ-ಧಾರವಾಡ ಬಿಆರ್‌ಟಿಎಸ್ ಕಂ.ನಿ. ನ ಮಾಲೀಕತ್ವದಲ್ಲಿರುವ ಜಾಗಗಳನ್ನು ಬಾಡಿಗೆ (Lease) ಆಧಾರದ ಮೇಲೆ ನೀಡಲು ಅರ್ಹ ಗುತ್ತಿಗೆದಾರರಿಂದ ಟೆಂಡರ್ ಆಹ್ವಾನಿಸಲಾಗಿದೆ. 1) ಟೆಂಡರ್ ಸಂಖ್ಯೆ HDBRTS/2025-26/SE0024 ದಿನಾಂಕ: 28-11-2025. 2) ಟೆಂಡರ್ ಸಂಖ್ಯೆ HDBRTS/2025-26/SE0025 ದಿನಾಂಕ: 28-11-2025. 3) ಟೆಂಡರ್ ಸಂಖ್ಯೆ HDBRTS/2025-26/SE0026 ದಿನಾಂಕ: 28-11-2025. ಟೆಂಡರ್ ದಸ್ತಾವೇಜುಗಳನ್ನು ಇ-ಪೋರ್ಟಲ್ www.kppp.karnataka.gov.in ದಲ್ಲಿ ಪಡೆಯಬಹುದು. ಬಿಡ್ ಸಲ್ಲಿಸಲು ಕೊನೆಯ ದಿನಾಂಕ: 29-12-2025 ರಂದು 16:00 ಗಂಟೆ ವರೆಗೆ.
ವಾ.ಸಾ.ಇ/ಮಾ.ಪ್ರ/924/ ಜಾಹೀರಾತು/2025-26
ಸಹಿ/- ಪ್ರಧಾನ ವ್ಯವಸ್ಥಾಪಕರು (ಸಿವಿಲ್) ಹುಬ್ಬಳ್ಳಿ-ಧಾರವಾಡ ಬಿಆರ್‌ಟಿಎಸ್ ಕಂ.ನಿ., ಹುಬ್ಬಳ್ಳಿ
ಕರ್ನಾಟಕ ಸರಕಾರ
(ಜಲ ಸಂಪನ್ಮೂಲ ಇಲಾಖೆ)
ನೀರಾವರಿ ಯೋಜನೆಗಳು, ಕಾಡಾ ವಿಭಾಗ, ಕಲಬುರಗಿ
(ವಿಳಾಸ : ಪ್ಲಾಟ್ ನಂ.21, ಕೋಟನೂರ ಧರಿಯಾಪುರ ರಸ್ತೆ, ಜಿ.ಡಿ.ಎ. ಲೇಔಟ್, 3ನೇ ಮುಖ್ಯ ರಸ್ತೆ,
'ಬಿ'ಬ್ಲಾಕ, ಕಲಬುರಗಿ-585 102, ಇ-ಮೇಲ್: eecadaipglb@gmail.com
ಸಂ:ಕಾನಿಅ/ಕಾಡಾವಿಭಾಗ/ತಾಶಾ-1,4&5/2025-26/831&832	ದಿನಾಂಕ: 27.11.2025
ಟೆಂಡರ್ ಪ್ರಕಟಣೆ (ಇ-ಪ್ರೋಕ್ಯೂರಮೆಂಟ್ e-procurment portal ಪದ್ಧತಿಯಲ್ಲಿ ಮಾತ್ರ)
ಮಾನ್ಯ ಅಧೀಕ್ಷಕ ಅಭಿಯಂತರರು, ನೀರಾವರಿ ಯೋಜನೆಗಳ ವಲಯ, ಕಾಡಾ, ಕಲಬುರಗಿ ರವರ ಪರವಾಗಿ ಕಾರ್ಯನಿರ್ವಾಹಕ ಅಭಿಯಂತರರು ನೀರಾವರಿ ಯೋಜನೆಗಳು, ಕಾಡಾ ವಿಭಾಗ ಕಲಬುರಗಿ ರವರು ಅರ್ಹ ಗುತ್ತಿಗೆದಾರರಿಂದ ಈ-ಪ್ರೊಕ್ಯೂರ್‌ಮೆಂಟ್ ಪದ್ಧತಿಯ ಮೂಲಕ ಟೆಂಡರ್ ಆಹ್ವಾನಿಸಲಾಗಿದೆ. 1) ಕಾಮಗಾರಿಯ ವಿವರ: 5 ಚೆಕ್ ಡ್ಯಾಂ ಕಾಮಗಾರಿಗಳು, ಅಂದಾಜು ಮೊತ್ತ ರೂ.1,40,000.00 2) ಗರಿಷ್ಠ ರೂ.28,84,572.77 4) ಗುತ್ತಿಗೆದಾರರ ಅರ್ಹತೆ. ಬಿಡ್ ಸಲ್ಲಿಸಲು ಪ್ರಾರಂಭ ದಿನಾಂಕ: 28.11.2025 ರಿಂದ 12.12.2025 ಸಾಯಂಕಾಲ 5.00 ಗಂಟೆಯವರೆಗೆ. ತಾಂತ್ರಿಕ ಬಿಡ್ ತೆರೆಯುವ ದಿನಾಂಕ: 15.12.2025 ಬೆಳಿಗ್ಗೆ 11.00 ಗಂಟೆಗೆ. ಹೆಚ್ಚಿನ ವಿವರಗಳಿಗೆ https://kppp.karnataka.gov.in ನಲ್ಲಿ ನೋಡಬಹುದು.
ವಾ.ಸಾ.ಇ/ಮಾ.ಪ್ರ/794/2025-26/ಜಾಹೀರಾತು	ಕಾರ್ಯನಿರ್ವಾಹಕ ಅಭಿಯಂತರರು, ನೀರಾವರಿ ಯೋಜನೆಗಳು ಕಾಡಾ ವಿಭಾಗ, ಕಲಬುರಗಿ
